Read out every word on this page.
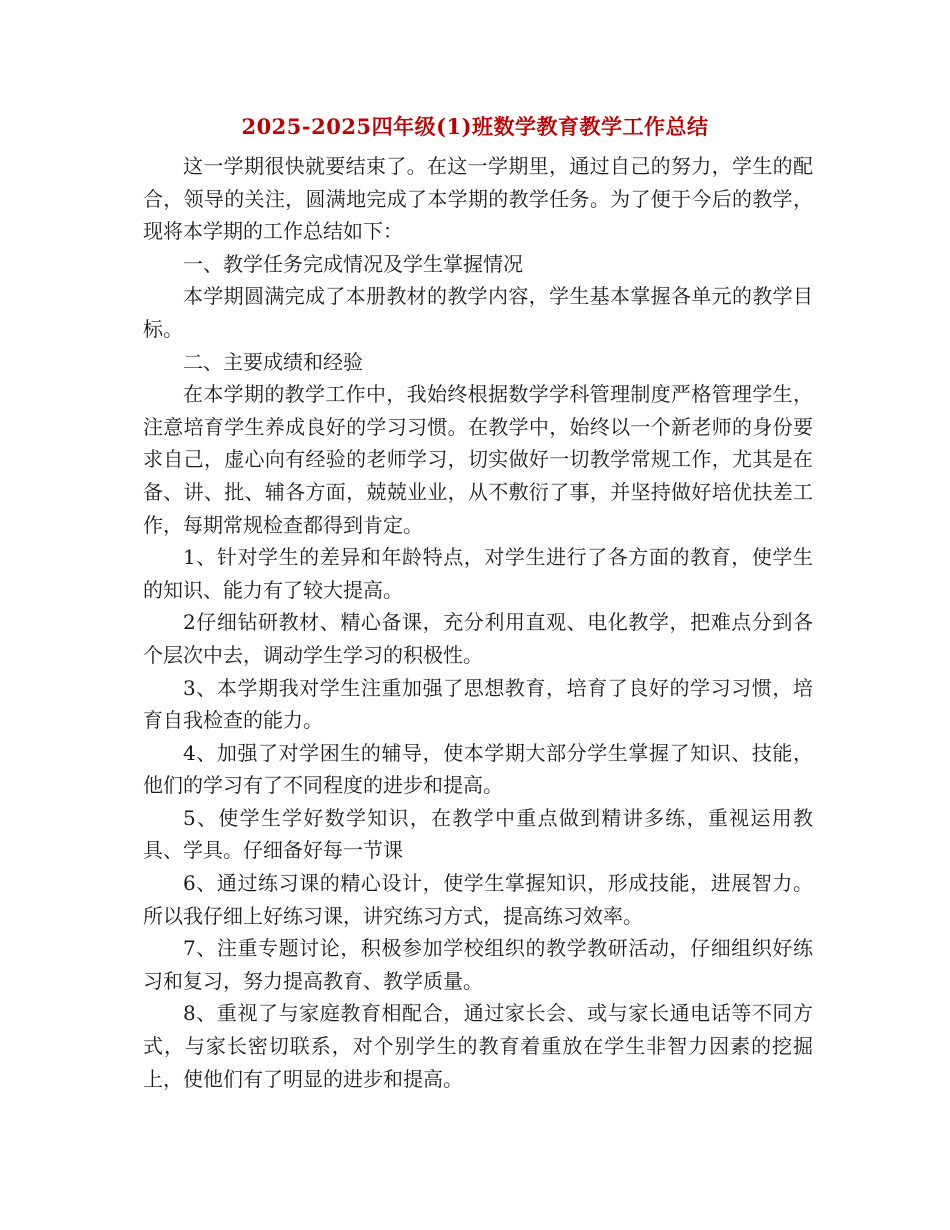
2025-2025四年级(1)班数学教育教学工作总结

这一学期很快就要结束了。在这一学期里，通过自己的努力，学生的配合，领导的关注，圆满地完成了本学期的教学任务。为了便于今后的教学，现将本学期的工作总结如下：

一、教学任务完成情况及学生掌握情况

本学期圆满完成了本册教材的教学内容，学生基本掌握各单元的教学目标。

二、主要成绩和经验

在本学期的教学工作中，我始终根据数学学科管理制度严格管理学生，注意培育学生养成良好的学习习惯。在教学中，始终以一个新老师的身份要求自己，虚心向有经验的老师学习，切实做好一切教学常规工作，尤其是在备、讲、批、辅各方面，兢兢业业，从不敷衍了事，并坚持做好培优扶差工作，每期常规检查都得到肯定。

1、针对学生的差异和年龄特点，对学生进行了各方面的教育，使学生的知识、能力有了较大提高。

2仔细钻研教材、精心备课，充分利用直观、电化教学，把难点分到各个层次中去，调动学生学习的积极性。

3、本学期我对学生注重加强了思想教育，培育了良好的学习习惯，培育自我检查的能力。

4、加强了对学困生的辅导，使本学期大部分学生掌握了知识、技能，他们的学习有了不同程度的进步和提高。

5、使学生学好数学知识，在教学中重点做到精讲多练，重视运用教具、学具。仔细备好每一节课

6、通过练习课的精心设计，使学生掌握知识，形成技能，进展智力。所以我仔细上好练习课，讲究练习方式，提高练习效率。

7、注重专题讨论，积极参加学校组织的教学教研活动，仔细组织好练习和复习，努力提高教育、教学质量。

8、重视了与家庭教育相配合，通过家长会、或与家长通电话等不同方式，与家长密切联系，对个别学生的教育着重放在学生非智力因素的挖掘上，使他们有了明显的进步和提高。
